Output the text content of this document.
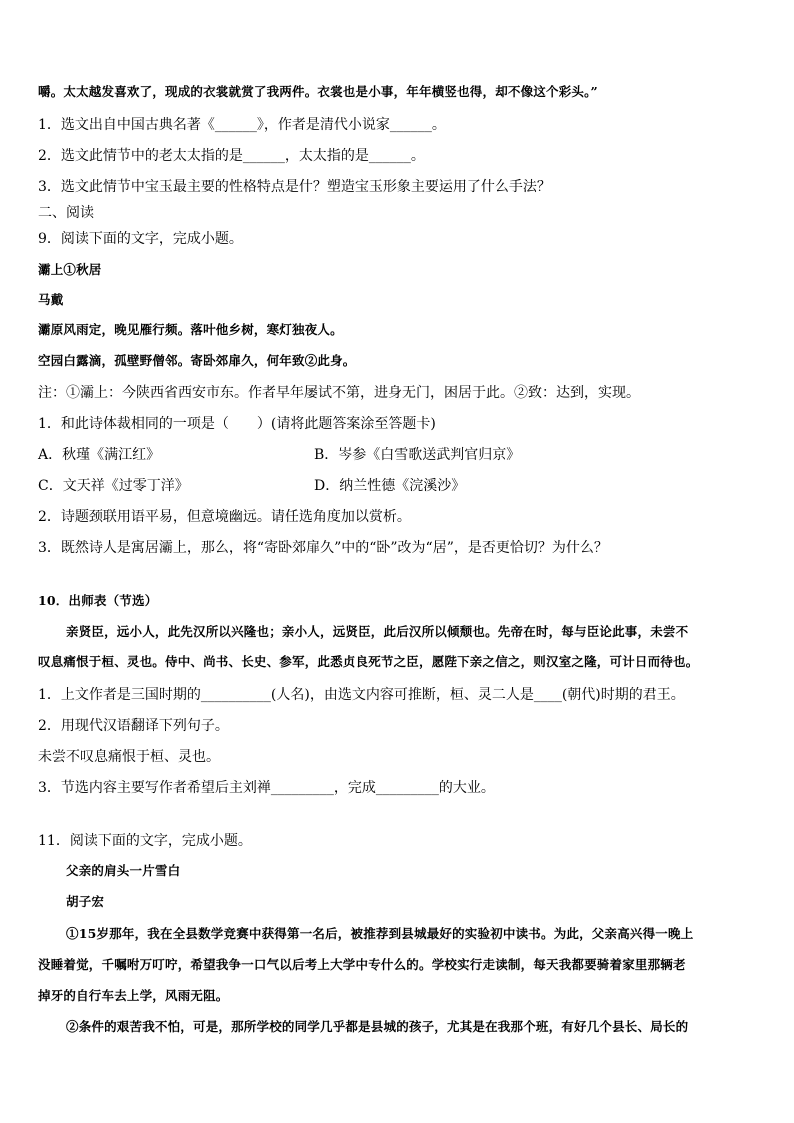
嚼。太太越发喜欢了，现成的衣裳就赏了我两件。衣裳也是小事，年年横竖也得，却不像这个彩头。”
1．选文出自中国古典名著《______》，作者是清代小说家______。
2．选文此情节中的老太太指的是______，太太指的是______。
3．选文此情节中宝玉最主要的性格特点是什？塑造宝玉形象主要运用了什么手法？
二、阅读
9．阅读下面的文字，完成小题。
灞上①秋居
马戴
灞原风雨定，晚见雁行频。落叶他乡树，寒灯独夜人。
空园白露滴，孤壁野僧邻。寄卧郊扉久，何年致②此身。
注：①灞上：今陕西省西安市东。作者早年屡试不第，进身无门，困居于此。②致：达到，实现。
1．和此诗体裁相同的一项是（　　）(请将此题答案涂至答题卡)
A．秋瑾《满江红》	B．岑参《白雪歌送武判官归京》
C．文天祥《过零丁洋》	D．纳兰性德《浣溪沙》
2．诗题颈联用语平易，但意境幽远。请任选角度加以赏析。
3．既然诗人是寓居灞上，那么，将“寄卧郊扉久”中的“卧”改为“居”，是否更恰切？为什么？
10．出师表（节选）
亲贤臣，远小人，此先汉所以兴隆也；亲小人，远贤臣，此后汉所以倾颓也。先帝在时，每与臣论此事，未尝不
叹息痛恨于桓、灵也。侍中、尚书、长史、参军，此悉贞良死节之臣，愿陛下亲之信之，则汉室之隆，可计日而待也。
1．上文作者是三国时期的__________(人名)，由选文内容可推断，桓、灵二人是____(朝代)时期的君王。
2．用现代汉语翻译下列句子。
未尝不叹息痛恨于桓、灵也。
3．节选内容主要写作者希望后主刘禅_________，完成_________的大业。
11．阅读下面的文字，完成小题。
父亲的肩头一片雪白
胡子宏
①15岁那年，我在全县数学竞赛中获得第一名后，被推荐到县城最好的实验初中读书。为此，父亲高兴得一晚上
没睡着觉，千嘱咐万叮咛，希望我争一口气以后考上大学中专什么的。学校实行走读制，每天我都要骑着家里那辆老
掉牙的自行车去上学，风雨无阻。
②条件的艰苦我不怕，可是，那所学校的同学几乎都是县城的孩子，尤其是在我那个班，有好几个县长、局长的
